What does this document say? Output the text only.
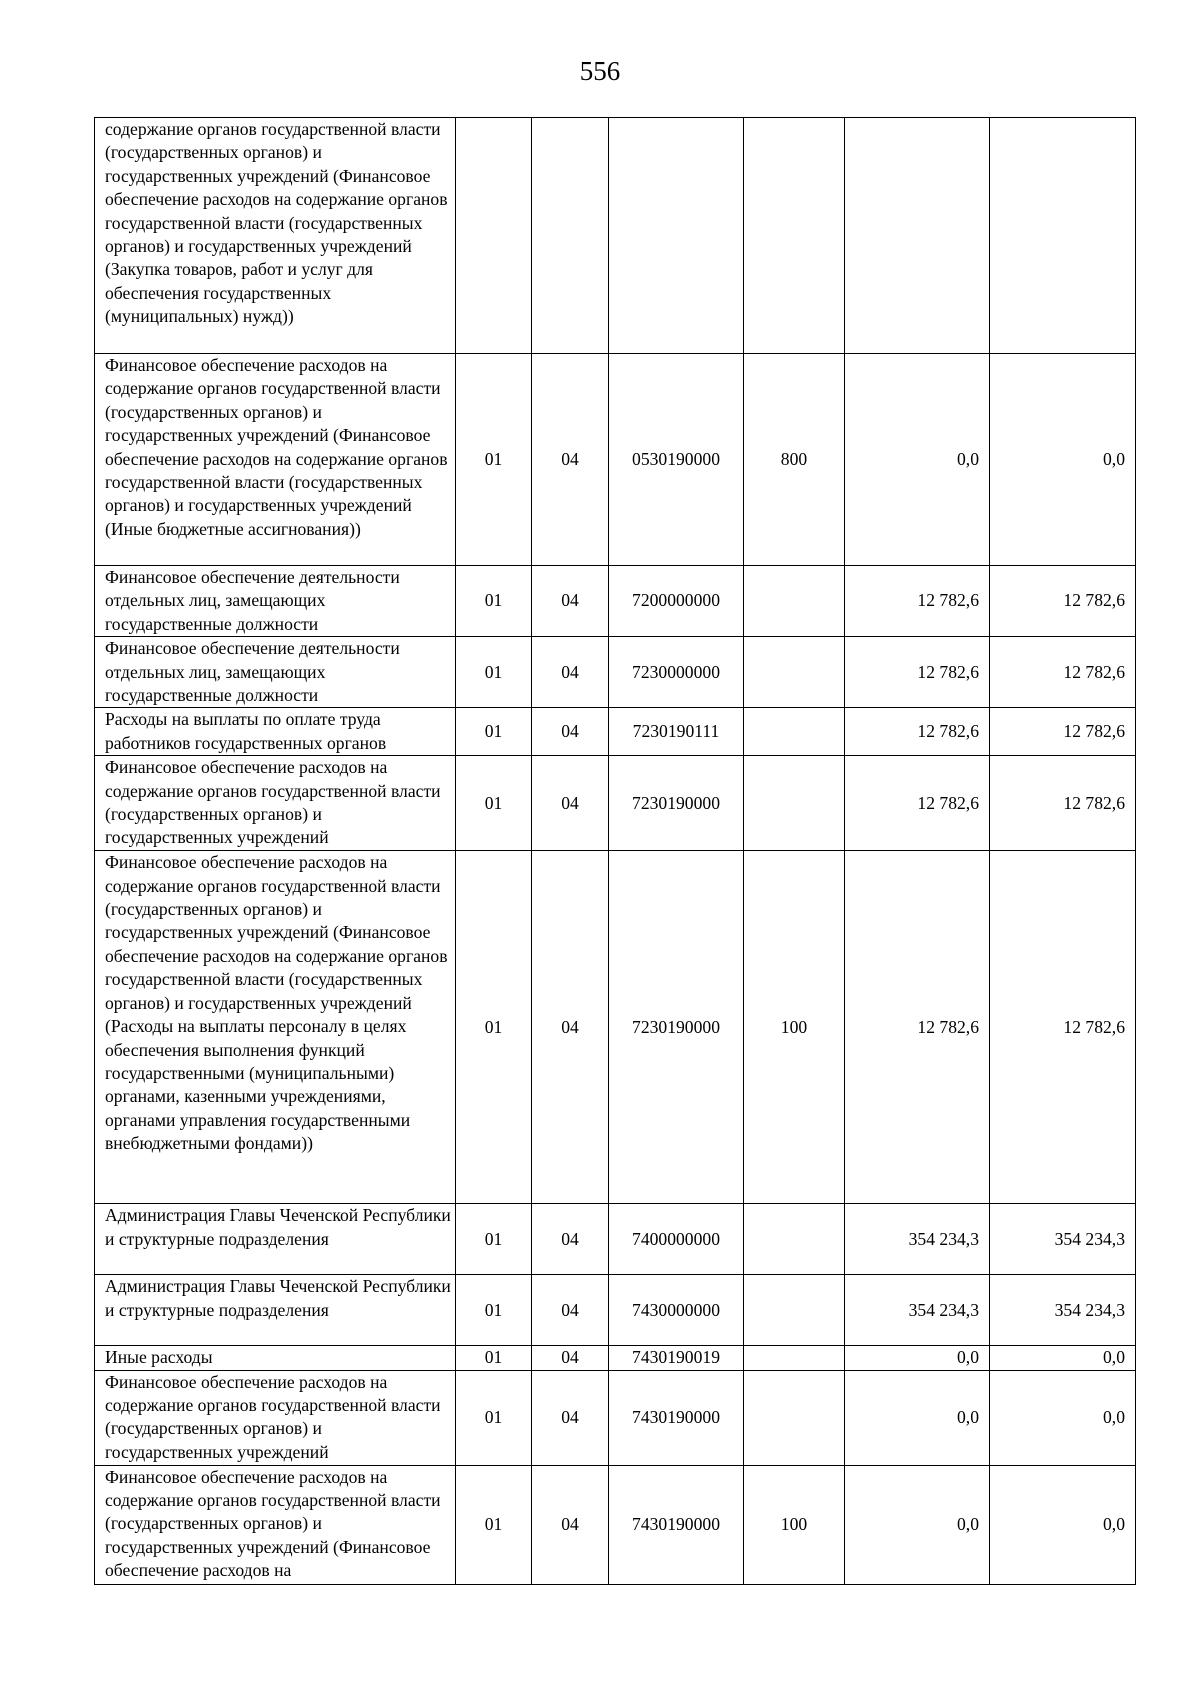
556
содержание органов государственной власти (государственных органов) и государственных учреждений (Финансовое обеспечение расходов на содержание органов государственной власти (государственных органов) и государственных учреждений (Закупка товаров, работ и услуг для обеспечения государственных (муниципальных) нужд))						
Финансовое обеспечение расходов на содержание органов государственной власти (государственных органов) и государственных учреждений (Финансовое обеспечение расходов на содержание органов государственной власти (государственных органов) и государственных учреждений (Иные бюджетные ассигнования))	01	04	0530190000	800	0,0	0,0
Финансовое обеспечение деятельности отдельных лиц, замещающих государственные должности	01	04	7200000000		12 782,6	12 782,6
Финансовое обеспечение деятельности отдельных лиц, замещающих государственные должности	01	04	7230000000		12 782,6	12 782,6
Расходы на выплаты по оплате труда работников государственных органов	01	04	7230190111		12 782,6	12 782,6
Финансовое обеспечение расходов на содержание органов государственной власти (государственных органов) и государственных учреждений	01	04	7230190000		12 782,6	12 782,6
Финансовое обеспечение расходов на содержание органов государственной власти (государственных органов) и государственных учреждений (Финансовое обеспечение расходов на содержание органов государственной власти (государственных органов) и государственных учреждений (Расходы на выплаты персоналу в целях обеспечения выполнения функций государственными (муниципальными) органами, казенными учреждениями, органами управления государственными внебюджетными фондами))	01	04	7230190000	100	12 782,6	12 782,6
Администрация Главы Чеченской Республики и структурные подразделения	01	04	7400000000		354 234,3	354 234,3
Администрация Главы Чеченской Республики и структурные подразделения	01	04	7430000000		354 234,3	354 234,3
Иные расходы	01	04	7430190019		0,0	0,0
Финансовое обеспечение расходов на содержание органов государственной власти (государственных органов) и государственных учреждений	01	04	7430190000		0,0	0,0
Финансовое обеспечение расходов на содержание органов государственной власти (государственных органов) и государственных учреждений (Финансовое обеспечение расходов на	01	04	7430190000	100	0,0	0,0
